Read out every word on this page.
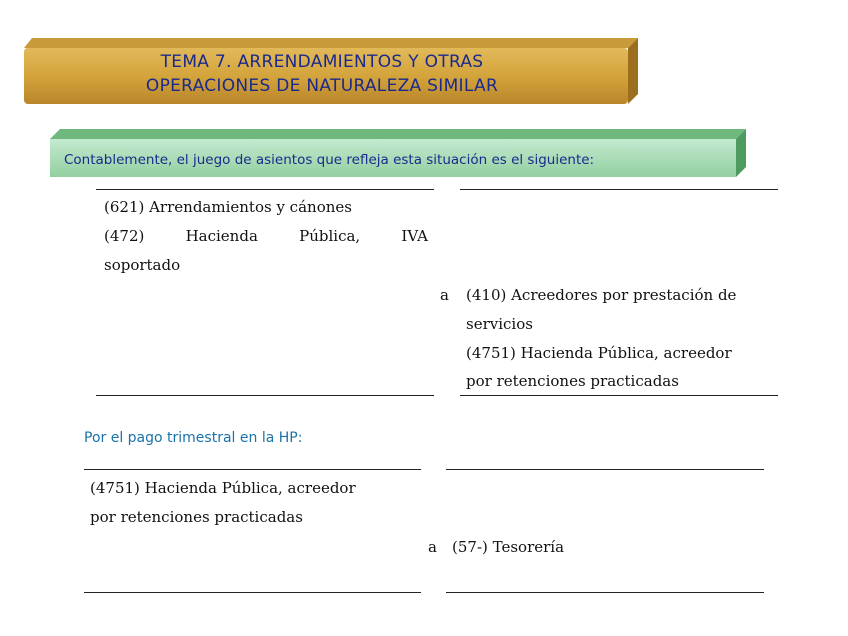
TEMA 7. ARRENDAMIENTOS Y OTRAS
OPERACIONES DE NATURALEZA SIMILAR
Contablemente, el juego de asientos que refleja esta situación es el siguiente:
(621) Arrendamientos y cánones
(472)	Hacienda	Pública,	IVA
soportado
a (410) Acreedores por prestación de
servicios
(4751) Hacienda Pública, acreedor
por retenciones practicadas
Por el pago trimestral en la HP:
(4751) Hacienda Pública, acreedor
por retenciones practicadas
a (57-) Tesorería
